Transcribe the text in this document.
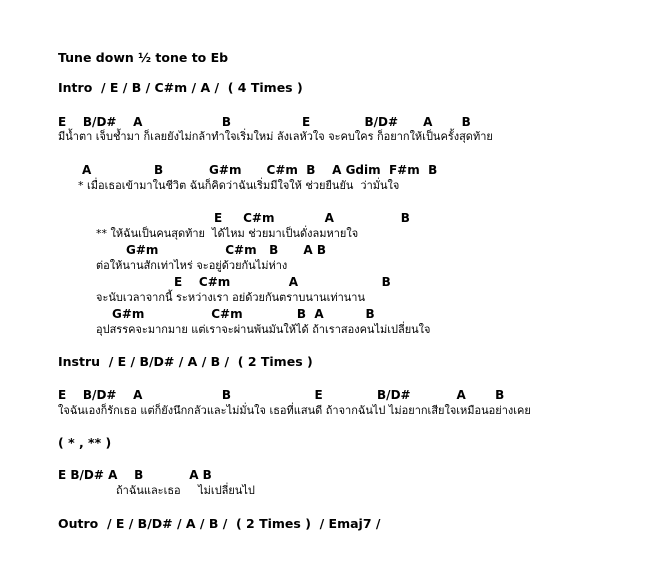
Tune down ½ tone to Eb
Intro  / E / B / C#m / A /  ( 4 Times )
E    B/D#    A                   B                 E             B/D#      A       B
มีน้ำตา เจ็บช้ำมา ก็เลยยังไม่กล้าทำใจเริ่มใหม่ ลังเลหัวใจ จะคบใคร ก็อยากให้เป็นครั้งสุดท้าย
A               B           G#m      C#m  B    A Gdim  F#m  B
* เมื่อเธอเข้ามาในชีวิต ฉันก็คิดว่าฉันเริ่มมีใจให้ ช่วยยืนยัน  ว่ามั่นใจ
E     C#m            A                B
** ให้ฉันเป็นคนสุดท้าย  ได้ไหม ช่วยมาเป็นดั่งลมหายใจ
G#m                C#m   B      A B
ต่อให้นานสักเท่าไหร่ จะอยู่ด้วยกันไม่ห่าง
E    C#m              A                    B
จะนับเวลาจากนี้ ระหว่างเรา อย่ด้วยกันตราบนานเท่านาน
G#m                C#m             B  A          B
อุปสรรคจะมากมาย แต่เราจะผ่านพ้นมันให้ได้ ถ้าเราสองคนไม่เปลี่ยนใจ
Instru  / E / B/D# / A / B /  ( 2 Times )
E    B/D#    A                   B                    E             B/D#           A       B
ใจฉันเองก็รักเธอ แต่ก็ยังนึกกลัวและไม่มั่นใจ เธอที่แสนดี ถ้าจากฉันไป ไม่อยากเสียใจเหมือนอย่างเคย
( * , ** )
E B/D# A    B           A B
ถ้าฉันและเธอ     ไม่เปลี่ยนไป
Outro  / E / B/D# / A / B /  ( 2 Times )  / Emaj7 /
